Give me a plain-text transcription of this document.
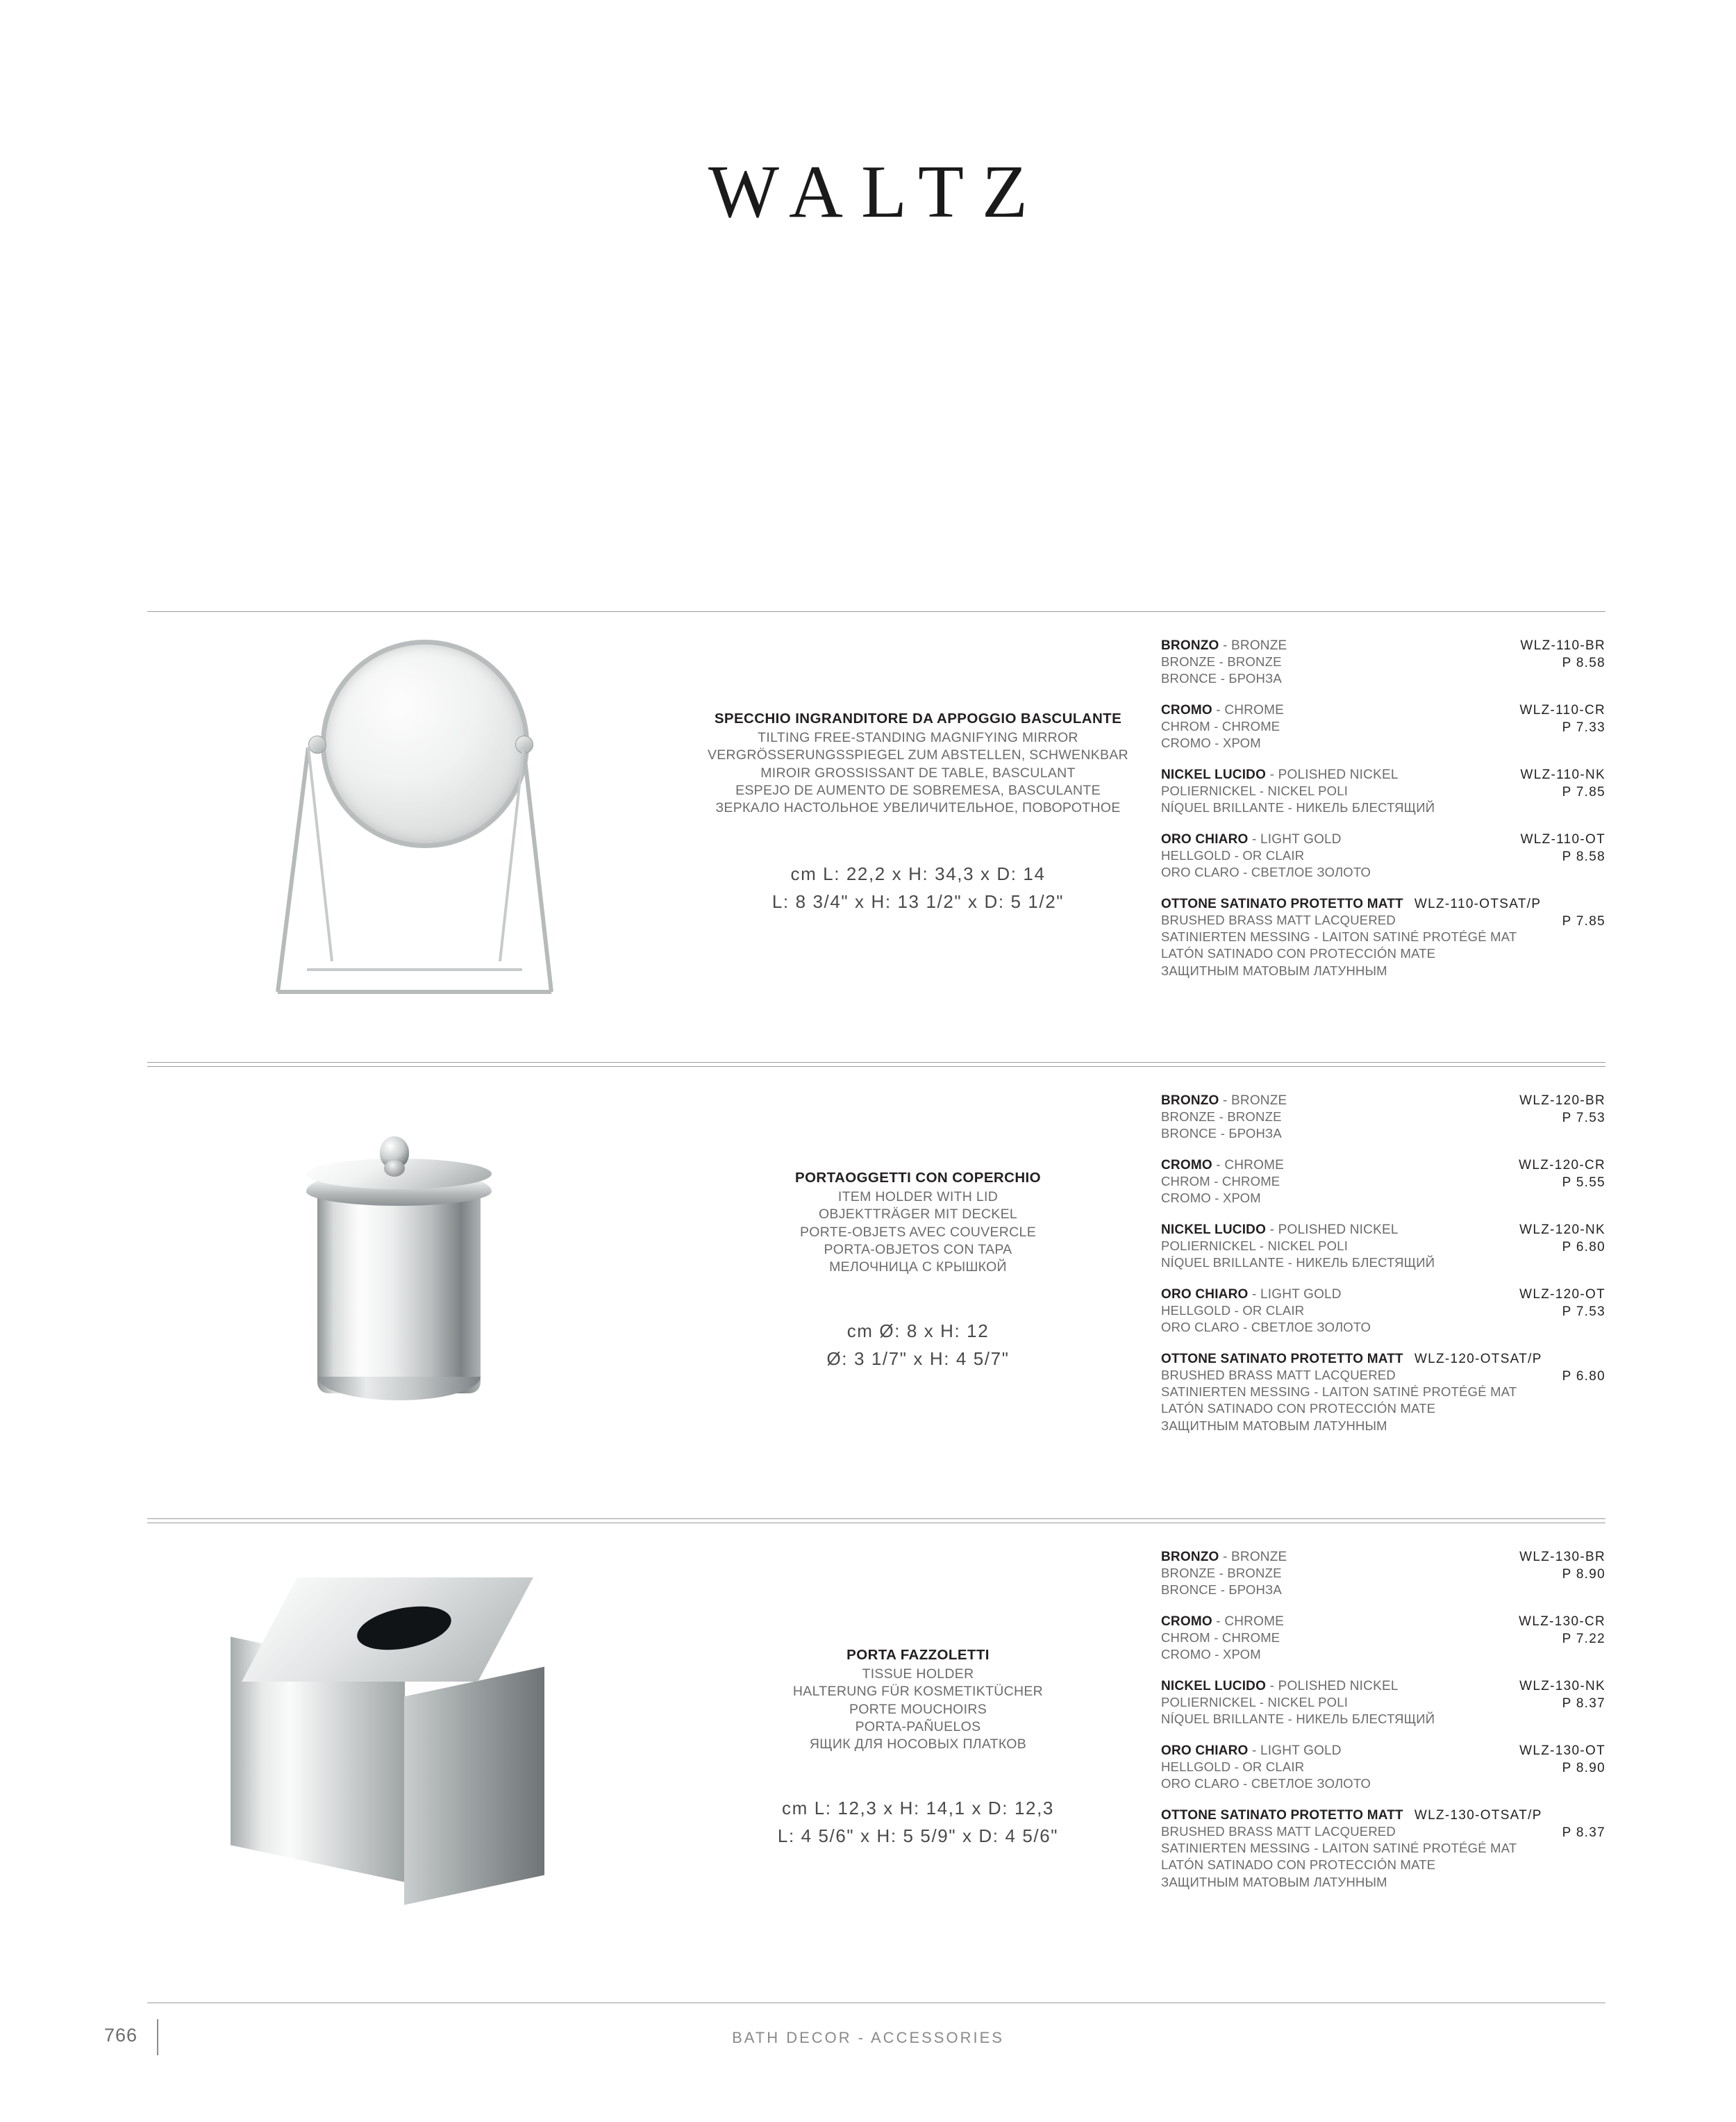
WALTZ
SPECCHIO INGRANDITORE DA APPOGGIO BASCULANTE
TILTING FREE-STANDING MAGNIFYING MIRROR
VERGRÖSSERUNGSSPIEGEL ZUM ABSTELLEN, SCHWENKBAR
MIROIR GROSSISSANT DE TABLE, BASCULANT
ESPEJO DE AUMENTO DE SOBREMESA, BASCULANTE
ЗЕРКАЛО НАСТОЛЬНОЕ УВЕЛИЧИТЕЛЬНОЕ, ПОВОРОТНОЕ
cm L: 22,2 x H: 34,3 x D: 14
L: 8 3/4" x H: 13 1/2" x D: 5 1/2"
BRONZO - BRONZE
BRONZE - BRONZE
BRONCE - БРОНЗА
WLZ-110-BR
P 8.58
CROMO - CHROME
CHROM - CHROME
CROMO - ХРОМ
WLZ-110-CR
P 7.33
NICKEL LUCIDO - POLISHED NICKEL
POLIERNICKEL - NICKEL POLI
NÍQUEL BRILLANTE - НИКЕЛЬ БЛЕСТЯЩИЙ
WLZ-110-NK
P 7.85
ORO CHIARO - LIGHT GOLD
HELLGOLD - OR CLAIR
ORO CLARO - СВЕТЛОЕ ЗОЛОТО
WLZ-110-OT
P 8.58
OTTONE SATINATO PROTETTO MATT WLZ-110-OTSAT/P
BRUSHED BRASS MATT LACQUERED
SATINIERTEN MESSING - LAITON SATINÉ PROTÉGÉ MAT
LATÓN SATINADO CON PROTECCIÓN MATE
ЗАЩИТНЫМ МАТОВЫМ ЛАТУННЫМ
P 7.85
PORTAOGGETTI CON COPERCHIO
ITEM HOLDER WITH LID
OBJEKTTRÄGER MIT DECKEL
PORTE-OBJETS AVEC COUVERCLE
PORTA-OBJETOS CON TAPA
МЕЛОЧНИЦА С КРЫШКОЙ
cm Ø: 8 x H: 12
Ø: 3 1/7" x H: 4 5/7"
BRONZO - BRONZE
BRONZE - BRONZE
BRONCE - БРОНЗА
WLZ-120-BR
P 7.53
CROMO - CHROME
CHROM - CHROME
CROMO - ХРОМ
WLZ-120-CR
P 5.55
NICKEL LUCIDO - POLISHED NICKEL
POLIERNICKEL - NICKEL POLI
NÍQUEL BRILLANTE - НИКЕЛЬ БЛЕСТЯЩИЙ
WLZ-120-NK
P 6.80
ORO CHIARO - LIGHT GOLD
HELLGOLD - OR CLAIR
ORO CLARO - СВЕТЛОЕ ЗОЛОТО
WLZ-120-OT
P 7.53
OTTONE SATINATO PROTETTO MATT WLZ-120-OTSAT/P
BRUSHED BRASS MATT LACQUERED
SATINIERTEN MESSING - LAITON SATINÉ PROTÉGÉ MAT
LATÓN SATINADO CON PROTECCIÓN MATE
ЗАЩИТНЫМ МАТОВЫМ ЛАТУННЫМ
P 6.80
PORTA FAZZOLETTI
TISSUE HOLDER
HALTERUNG FÜR KOSMETIKTÜCHER
PORTE MOUCHOIRS
PORTA-PAÑUELOS
ЯЩИК ДЛЯ НОСОВЫХ ПЛАТКОВ
cm L: 12,3 x H: 14,1 x D: 12,3
L: 4 5/6" x H: 5 5/9" x D: 4 5/6"
BRONZO - BRONZE
BRONZE - BRONZE
BRONCE - БРОНЗА
WLZ-130-BR
P 8.90
CROMO - CHROME
CHROM - CHROME
CROMO - ХРОМ
WLZ-130-CR
P 7.22
NICKEL LUCIDO - POLISHED NICKEL
POLIERNICKEL - NICKEL POLI
NÍQUEL BRILLANTE - НИКЕЛЬ БЛЕСТЯЩИЙ
WLZ-130-NK
P 8.37
ORO CHIARO - LIGHT GOLD
HELLGOLD - OR CLAIR
ORO CLARO - СВЕТЛОЕ ЗОЛОТО
WLZ-130-OT
P 8.90
OTTONE SATINATO PROTETTO MATT WLZ-130-OTSAT/P
BRUSHED BRASS MATT LACQUERED
SATINIERTEN MESSING - LAITON SATINÉ PROTÉGÉ MAT
LATÓN SATINADO CON PROTECCIÓN MATE
ЗАЩИТНЫМ МАТОВЫМ ЛАТУННЫМ
P 8.37
766	BATH DECOR - ACCESSORIES
